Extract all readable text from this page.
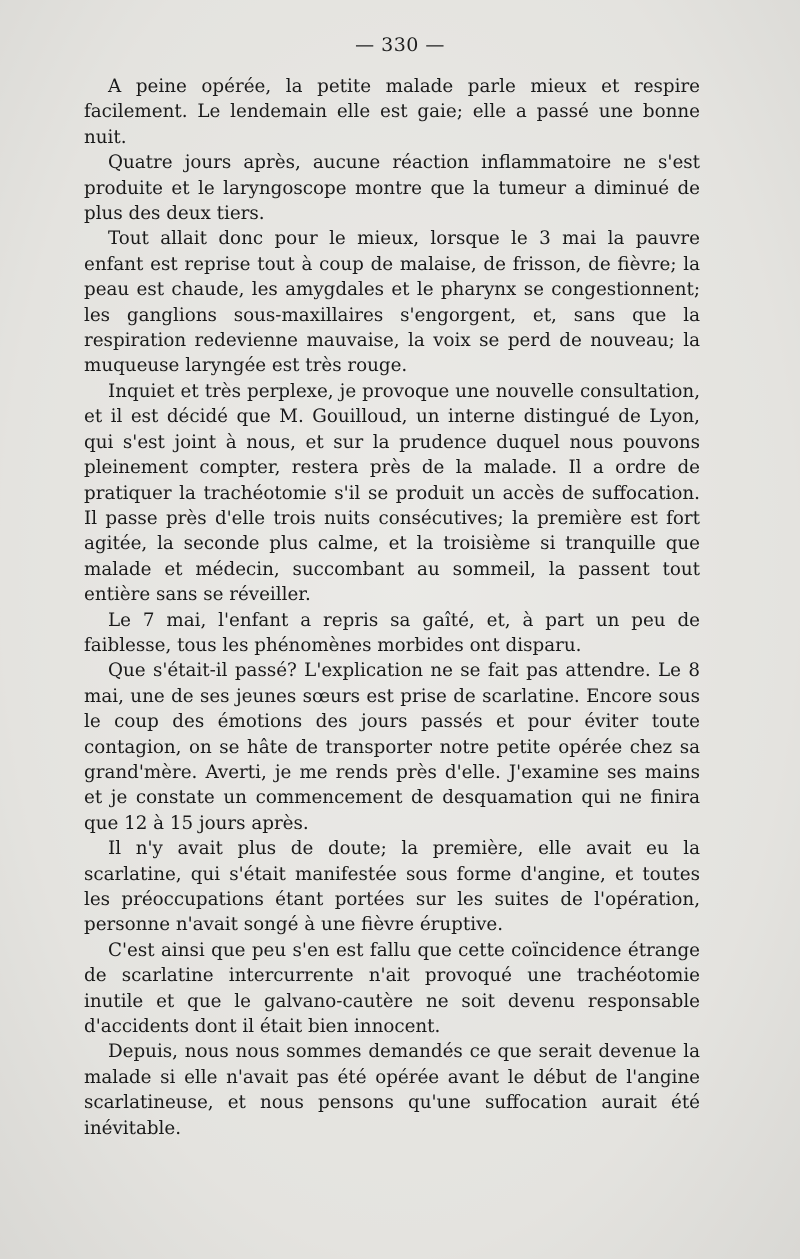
— 330 —

A peine opérée, la petite malade parle mieux et respire facilement. Le lendemain elle est gaie; elle a passé une bonne nuit.

Quatre jours après, aucune réaction inflammatoire ne s'est produite et le laryngoscope montre que la tumeur a diminué de plus des deux tiers.

Tout allait donc pour le mieux, lorsque le 3 mai la pauvre enfant est reprise tout à coup de malaise, de frisson, de fièvre; la peau est chaude, les amygdales et le pharynx se congestionnent; les ganglions sous-maxillaires s'engorgent, et, sans que la respiration redevienne mauvaise, la voix se perd de nouveau; la muqueuse laryngée est très rouge.

Inquiet et très perplexe, je provoque une nouvelle consultation, et il est décidé que M. Gouilloud, un interne distingué de Lyon, qui s'est joint à nous, et sur la prudence duquel nous pouvons pleinement compter, restera près de la malade. Il a ordre de pratiquer la trachéotomie s'il se produit un accès de suffocation. Il passe près d'elle trois nuits consécutives; la première est fort agitée, la seconde plus calme, et la troisième si tranquille que malade et médecin, succombant au sommeil, la passent tout entière sans se réveiller.

Le 7 mai, l'enfant a repris sa gaîté, et, à part un peu de faiblesse, tous les phénomènes morbides ont disparu.

Que s'était-il passé? L'explication ne se fait pas attendre. Le 8 mai, une de ses jeunes sœurs est prise de scarlatine. Encore sous le coup des émotions des jours passés et pour éviter toute contagion, on se hâte de transporter notre petite opérée chez sa grand'mère. Averti, je me rends près d'elle. J'examine ses mains et je constate un commencement de desquamation qui ne finira que 12 à 15 jours après.

Il n'y avait plus de doute; la première, elle avait eu la scarlatine, qui s'était manifestée sous forme d'angine, et toutes les préoccupations étant portées sur les suites de l'opération, personne n'avait songé à une fièvre éruptive.

C'est ainsi que peu s'en est fallu que cette coïncidence étrange de scarlatine intercurrente n'ait provoqué une trachéotomie inutile et que le galvano-cautère ne soit devenu responsable d'accidents dont il était bien innocent.

Depuis, nous nous sommes demandés ce que serait devenue la malade si elle n'avait pas été opérée avant le début de l'angine scarlatineuse, et nous pensons qu'une suffocation aurait été inévitable.
